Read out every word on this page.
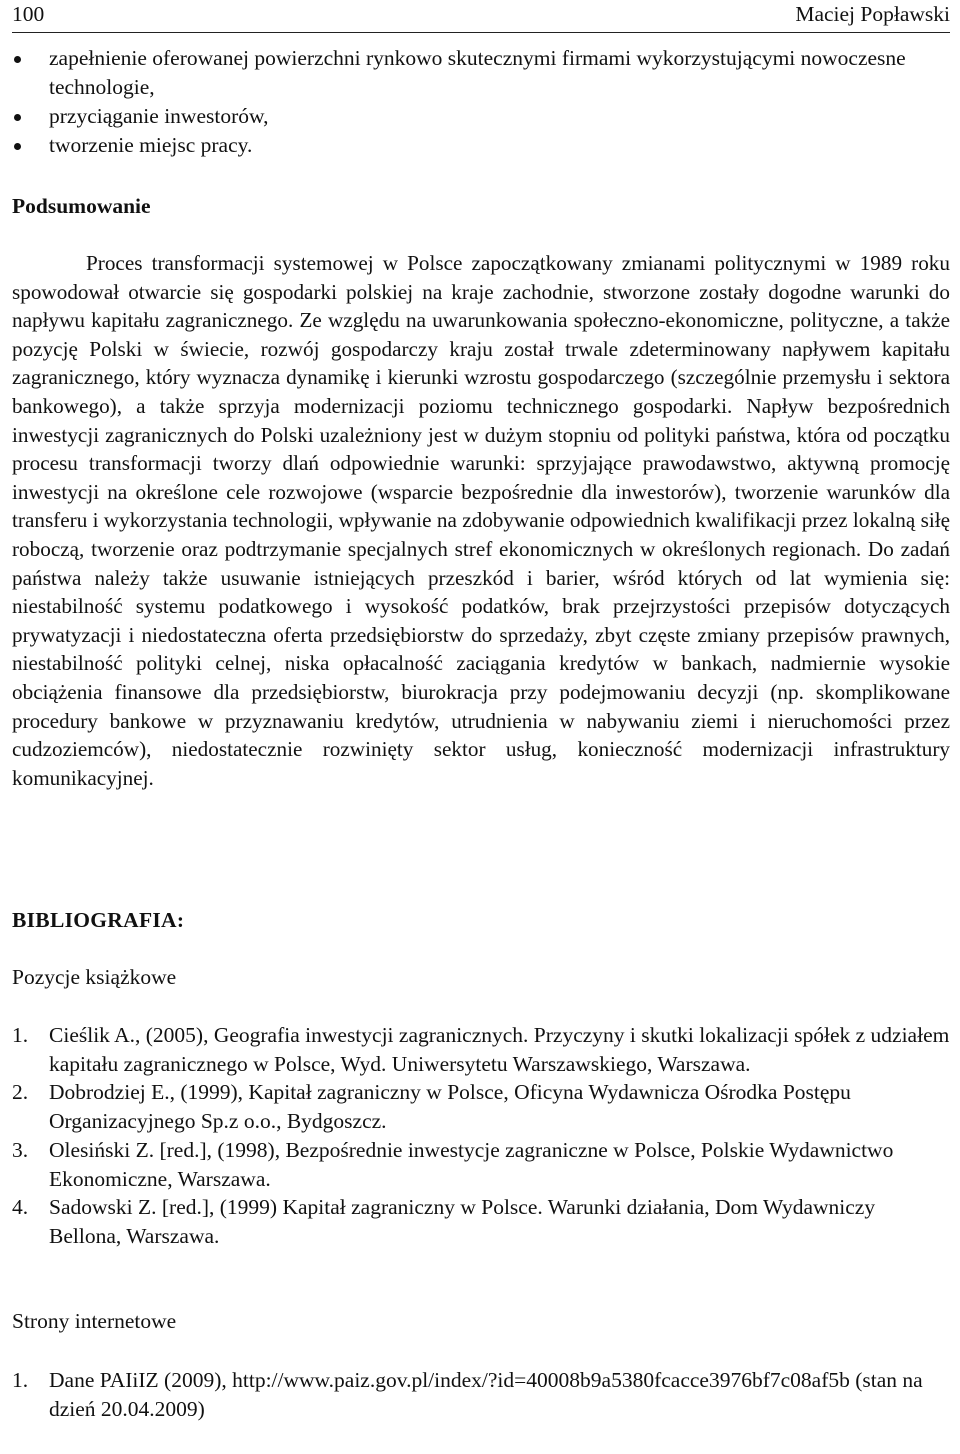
100	Maciej Popławski
zapełnienie oferowanej powierzchni rynkowo skutecznymi firmami wykorzystującymi nowoczesne technologie,
przyciąganie inwestorów,
tworzenie miejsc pracy.
Podsumowanie

Proces transformacji systemowej w Polsce zapoczątkowany zmianami politycznymi w 1989 roku spowodował otwarcie się gospodarki polskiej na kraje zachodnie, stworzone zostały dogodne warunki do napływu kapitału zagranicznego. Ze względu na uwarunkowania społeczno-ekonomiczne, polityczne, a także pozycję Polski w świecie, rozwój gospodarczy kraju został trwale zdeterminowany napływem kapitału zagranicznego, który wyznacza dynamikę i kierunki wzrostu gospodarczego (szczególnie przemysłu i sektora bankowego), a także sprzyja modernizacji poziomu technicznego gospodarki. Napływ bezpośrednich inwestycji zagranicznych do Polski uzależniony jest w dużym stopniu od polityki państwa, która od początku procesu transformacji tworzy dlań odpowiednie warunki: sprzyjające prawodawstwo, aktywną promocję inwestycji na określone cele rozwojowe (wsparcie bezpośrednie dla inwestorów), tworzenie warunków dla transferu i wykorzystania technologii, wpływanie na zdobywanie odpowiednich kwalifikacji przez lokalną siłę roboczą, tworzenie oraz podtrzymanie specjalnych stref ekonomicznych w określonych regionach. Do zadań państwa należy także usuwanie istniejących przeszkód i barier, wśród których od lat wymienia się: niestabilność systemu podatkowego i wysokość podatków, brak przejrzystości przepisów dotyczących prywatyzacji i niedostateczna oferta przedsiębiorstw do sprzedaży, zbyt częste zmiany przepisów prawnych, niestabilność polityki celnej, niska opłacalność zaciągania kredytów w bankach, nadmiernie wysokie obciążenia finansowe dla przedsiębiorstw, biurokracja przy podejmowaniu decyzji (np. skomplikowane procedury bankowe w przyznawaniu kredytów, utrudnienia w nabywaniu ziemi i nieruchomości przez cudzoziemców), niedostatecznie rozwinięty sektor usług, konieczność modernizacji infrastruktury komunikacyjnej.

BIBLIOGRAFIA:
Pozycje książkowe
1. Cieślik A., (2005), Geografia inwestycji zagranicznych. Przyczyny i skutki lokalizacji spółek z udziałem kapitału zagranicznego w Polsce, Wyd. Uniwersytetu Warszawskiego, Warszawa.
2. Dobrodziej E., (1999), Kapitał zagraniczny w Polsce, Oficyna Wydawnicza Ośrodka Postępu Organizacyjnego Sp.z o.o., Bydgoszcz.
3. Olesiński Z. [red.], (1998), Bezpośrednie inwestycje zagraniczne w Polsce, Polskie Wydawnictwo Ekonomiczne, Warszawa.
4. Sadowski Z. [red.], (1999) Kapitał zagraniczny w Polsce. Warunki działania, Dom Wydawniczy Bellona, Warszawa.
Strony internetowe
1. Dane PAIiIZ (2009), http://www.paiz.gov.pl/index/?id=40008b9a5380fcacce3976bf7c08af5b (stan na dzień 20.04.2009)
